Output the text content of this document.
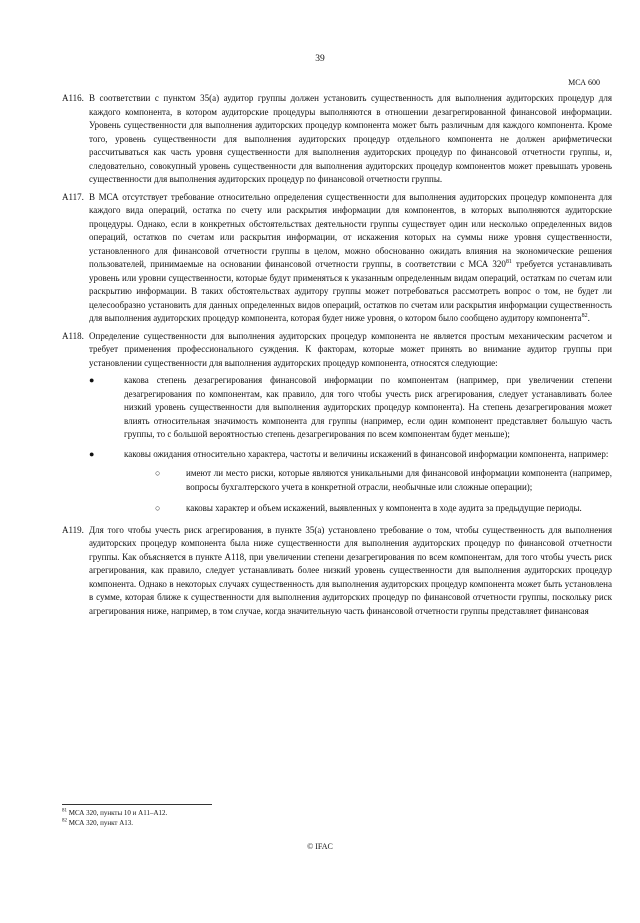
39
МСА 600
A116. В соответствии с пунктом 35(а) аудитор группы должен установить существенность для выполнения аудиторских процедур для каждого компонента, в котором аудиторские процедуры выполняются в отношении дезагрегированной финансовой информации. Уровень существенности для выполнения аудиторских процедур компонента может быть различным для каждого компонента. Кроме того, уровень существенности для выполнения аудиторских процедур отдельного компонента не должен арифметически рассчитываться как часть уровня существенности для выполнения аудиторских процедур по финансовой отчетности группы, и, следовательно, совокупный уровень существенности для выполнения аудиторских процедур компонентов может превышать уровень существенности для выполнения аудиторских процедур по финансовой отчетности группы.

A117. В МСА отсутствует требование относительно определения существенности для выполнения аудиторских процедур компонента для каждого вида операций, остатка по счету или раскрытия информации для компонентов, в которых выполняются аудиторские процедуры. Однако, если в конкретных обстоятельствах деятельности группы существует один или несколько определенных видов операций, остатков по счетам или раскрытия информации, от искажения которых на суммы ниже уровня существенности, установленного для финансовой отчетности группы в целом, можно обоснованно ожидать влияния на экономические решения пользователей, принимаемые на основании финансовой отчетности группы, в соответствии с МСА $320^{81}$ требуется устанавливать уровень или уровни существенности, которые будут применяться к указанным определенным видам операций, остаткам по счетам или раскрытию информации. В таких обстоятельствах аудитору группы может потребоваться рассмотреть вопрос о том, не будет ли целесообразно установить для данных определенных видов операций, остатков по счетам или раскрытия информации существенность для выполнения аудиторских процедур компонента, которая будет ниже уровня, о котором было сообщено аудитору компонента$^{82}$.

A118. Определение существенности для выполнения аудиторских процедур компонента не является простым механическим расчетом и требует применения профессионального суждения. К факторам, которые может принять во внимание аудитор группы при установлении существенности для выполнения аудиторских процедур компонента, относятся следующие:

●	какова степень дезагрегирования финансовой информации по компонентам (например, при увеличении степени дезагрегирования по компонентам, как правило, для того чтобы учесть риск агрегирования, следует устанавливать более низкий уровень существенности для выполнения аудиторских процедур компонента). На степень дезагрегирования может влиять относительная значимость компонента для группы (например, если один компонент представляет большую часть группы, то с большой вероятностью степень дезагрегирования по всем компонентам будет меньше);
●	каковы ожидания относительно характера, частоты и величины искажений в финансовой информации компонента, например:
○	имеют ли место риски, которые являются уникальными для финансовой информации компонента (например, вопросы бухгалтерского учета в конкретной отрасли, необычные или сложные операции);
○	каковы характер и объем искажений, выявленных у компонента в ходе аудита за предыдущие периоды.
A119. Для того чтобы учесть риск агрегирования, в пункте 35(а) установлено требование о том, чтобы существенность для выполнения аудиторских процедур компонента была ниже существенности для выполнения аудиторских процедур по финансовой отчетности группы. Как объясняется в пункте A118, при увеличении степени дезагрегирования по всем компонентам, для того чтобы учесть риск агрегирования, как правило, следует устанавливать более низкий уровень существенности для выполнения аудиторских процедур компонента. Однако в некоторых случаях существенность для выполнения аудиторских процедур компонента может быть установлена в сумме, которая ближе к существенности для выполнения аудиторских процедур по финансовой отчетности группы, поскольку риск агрегирования ниже, например, в том случае, когда значительную часть финансовой отчетности группы представляет финансовая

$^{81}$ МСА 320, пункты 10 и A11–A12.
$^{82}$ МСА 320, пункт A13.
© IFAC
